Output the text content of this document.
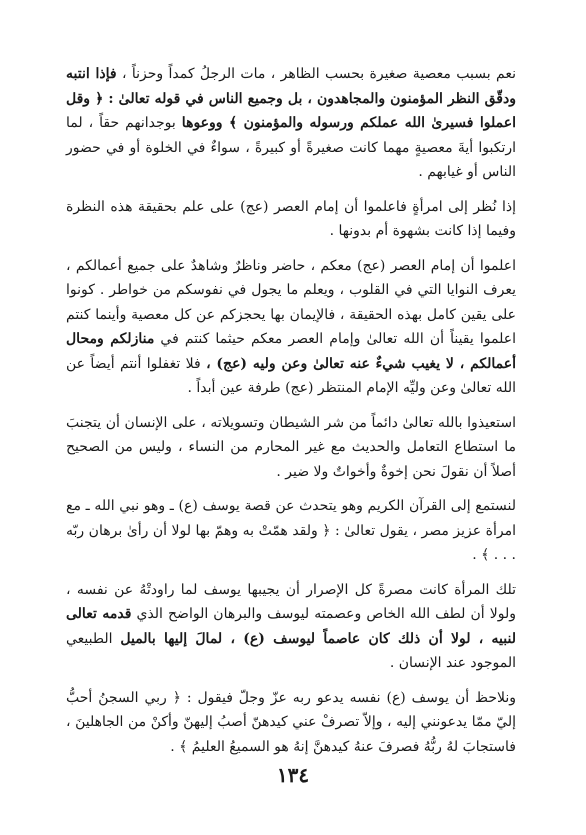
نعم بسبب معصية صغيرة بحسب الظاهر ، مات الرجلُ كمداً وحزناً ، فإذا انتبه ودقّق النظر المؤمنون والمجاهدون ، بل وجميع الناس في قوله تعالىٰ : ﴿ وقل اعملوا فسيرىٰ الله عملكم ورسوله والمؤمنون ﴾ ووعوها بوجدانهم حقاً ، لما ارتكبوا أيةَ معصيةٍ مهما كانت صغيرةً أو كبيرةً ، سواءٌ في الخلوة أو في حضور الناس أو غيابهم .

إذا نُظر إلى امرأةٍ فاعلموا أن إمام العصر (عج) على علم بحقيقة هذه النظرة وفيما إذا كانت بشهوة أم بدونها .

اعلموا أن إمام العصر (عج) معكم ، حاضر وناظرٌ وشاهدٌ على جميع أعمالكم ، يعرف النوايا التي في القلوب ، ويعلم ما يجول في نفوسكم من خواطر . كونوا على يقين كامل بهذه الحقيقة ، فالإيمان بها يحجزكم عن كل معصية وأينما كنتم اعلموا يقيناً أن الله تعالىٰ وإمام العصر معكم حيثما كنتم في منازلكم ومحال أعمالكم ، لا يغيب شيءٌ عنه تعالىٰ وعن وليه (عج) ، فلا تغفلوا أنتم أيضاً عن الله تعالىٰ وعن وليِّه الإمام المنتظر (عج) طرفة عين أبداً .

استعيذوا بالله تعالىٰ دائماً من شر الشيطان وتسويلاته ، على الإنسان أن يتجنبَ ما استطاع التعامل والحديث مع غير المحارم من النساء ، وليس من الصحيح أصلاً أن نقولَ نحن إخوةٌ وأخواتٌ ولا ضير .

لنستمع إلى القرآن الكريم وهو يتحدث عن قصة يوسف (ع) ـ وهو نبي الله ـ مع امرأة عزيز مصر ، يقول تعالىٰ : ﴿ ولقد همّتْ به وهمّ بها لولا أن رأىٰ برهان ربّه . . . ﴾ .

تلك المرأة كانت مصرةً كل الإصرار أن يجيبها يوسف لما راودتْهُ عن نفسه ، ولولا أن لطف الله الخاص وعصمته ليوسف والبرهان الواضح الذي قدمه تعالى لنبيه ، لولا أن ذلك كان عاصماً ليوسف (ع) ، لمالَ إليها بالميل الطبيعي الموجود عند الإنسان .

ونلاحظ أن يوسف (ع) نفسه يدعو ربه عزّ وجلّ فيقول : ﴿ ربي السجنُ أحبُّ إليّ ممّا يدعونني إليه ، وإلاّ تصرفْ عني كيدهنّ أصبُ إليهنّ وأكنْ من الجاهلينَ ، فاستجابَ لهُ ربُّهُ فصرفَ عنهُ كيدهنَّ إنهُ هو السميعُ العليمُ ﴾ .

١٣٤
